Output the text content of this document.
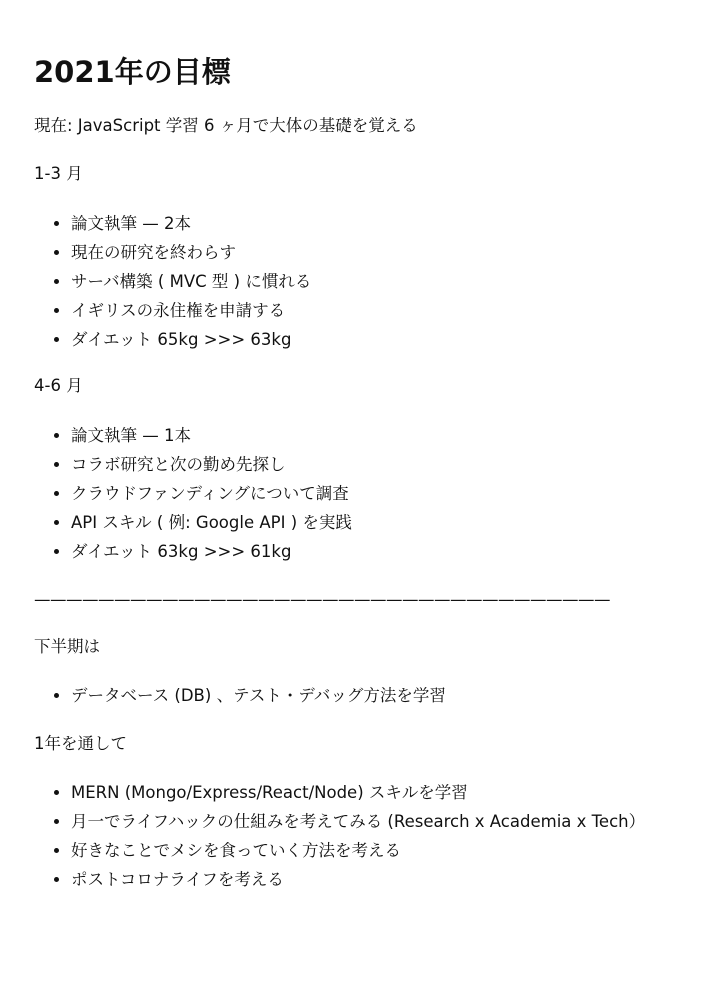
2021年の目標

現在: JavaScript 学習 6 ヶ月で大体の基礎を覚える

1-3 月

論文執筆 — 2本
現在の研究を終わらす
サーバ構築 ( MVC 型 ) に慣れる
イギリスの永住権を申請する
ダイエット 65kg >>> 63kg

4-6 月

論文執筆 — 1本
コラボ研究と次の勤め先探し
クラウドファンディングについて調査
API スキル ( 例: Google API ) を実践
ダイエット 63kg >>> 61kg
————————————————————————————————————

下半期は

データベース (DB) 、テスト・デバッグ方法を学習

1年を通して

MERN (Mongo/Express/React/Node) スキルを学習
月一でライフハックの仕組みを考えてみる (Research x Academia x Tech）
好きなことでメシを食っていく方法を考える
ポストコロナライフを考える
